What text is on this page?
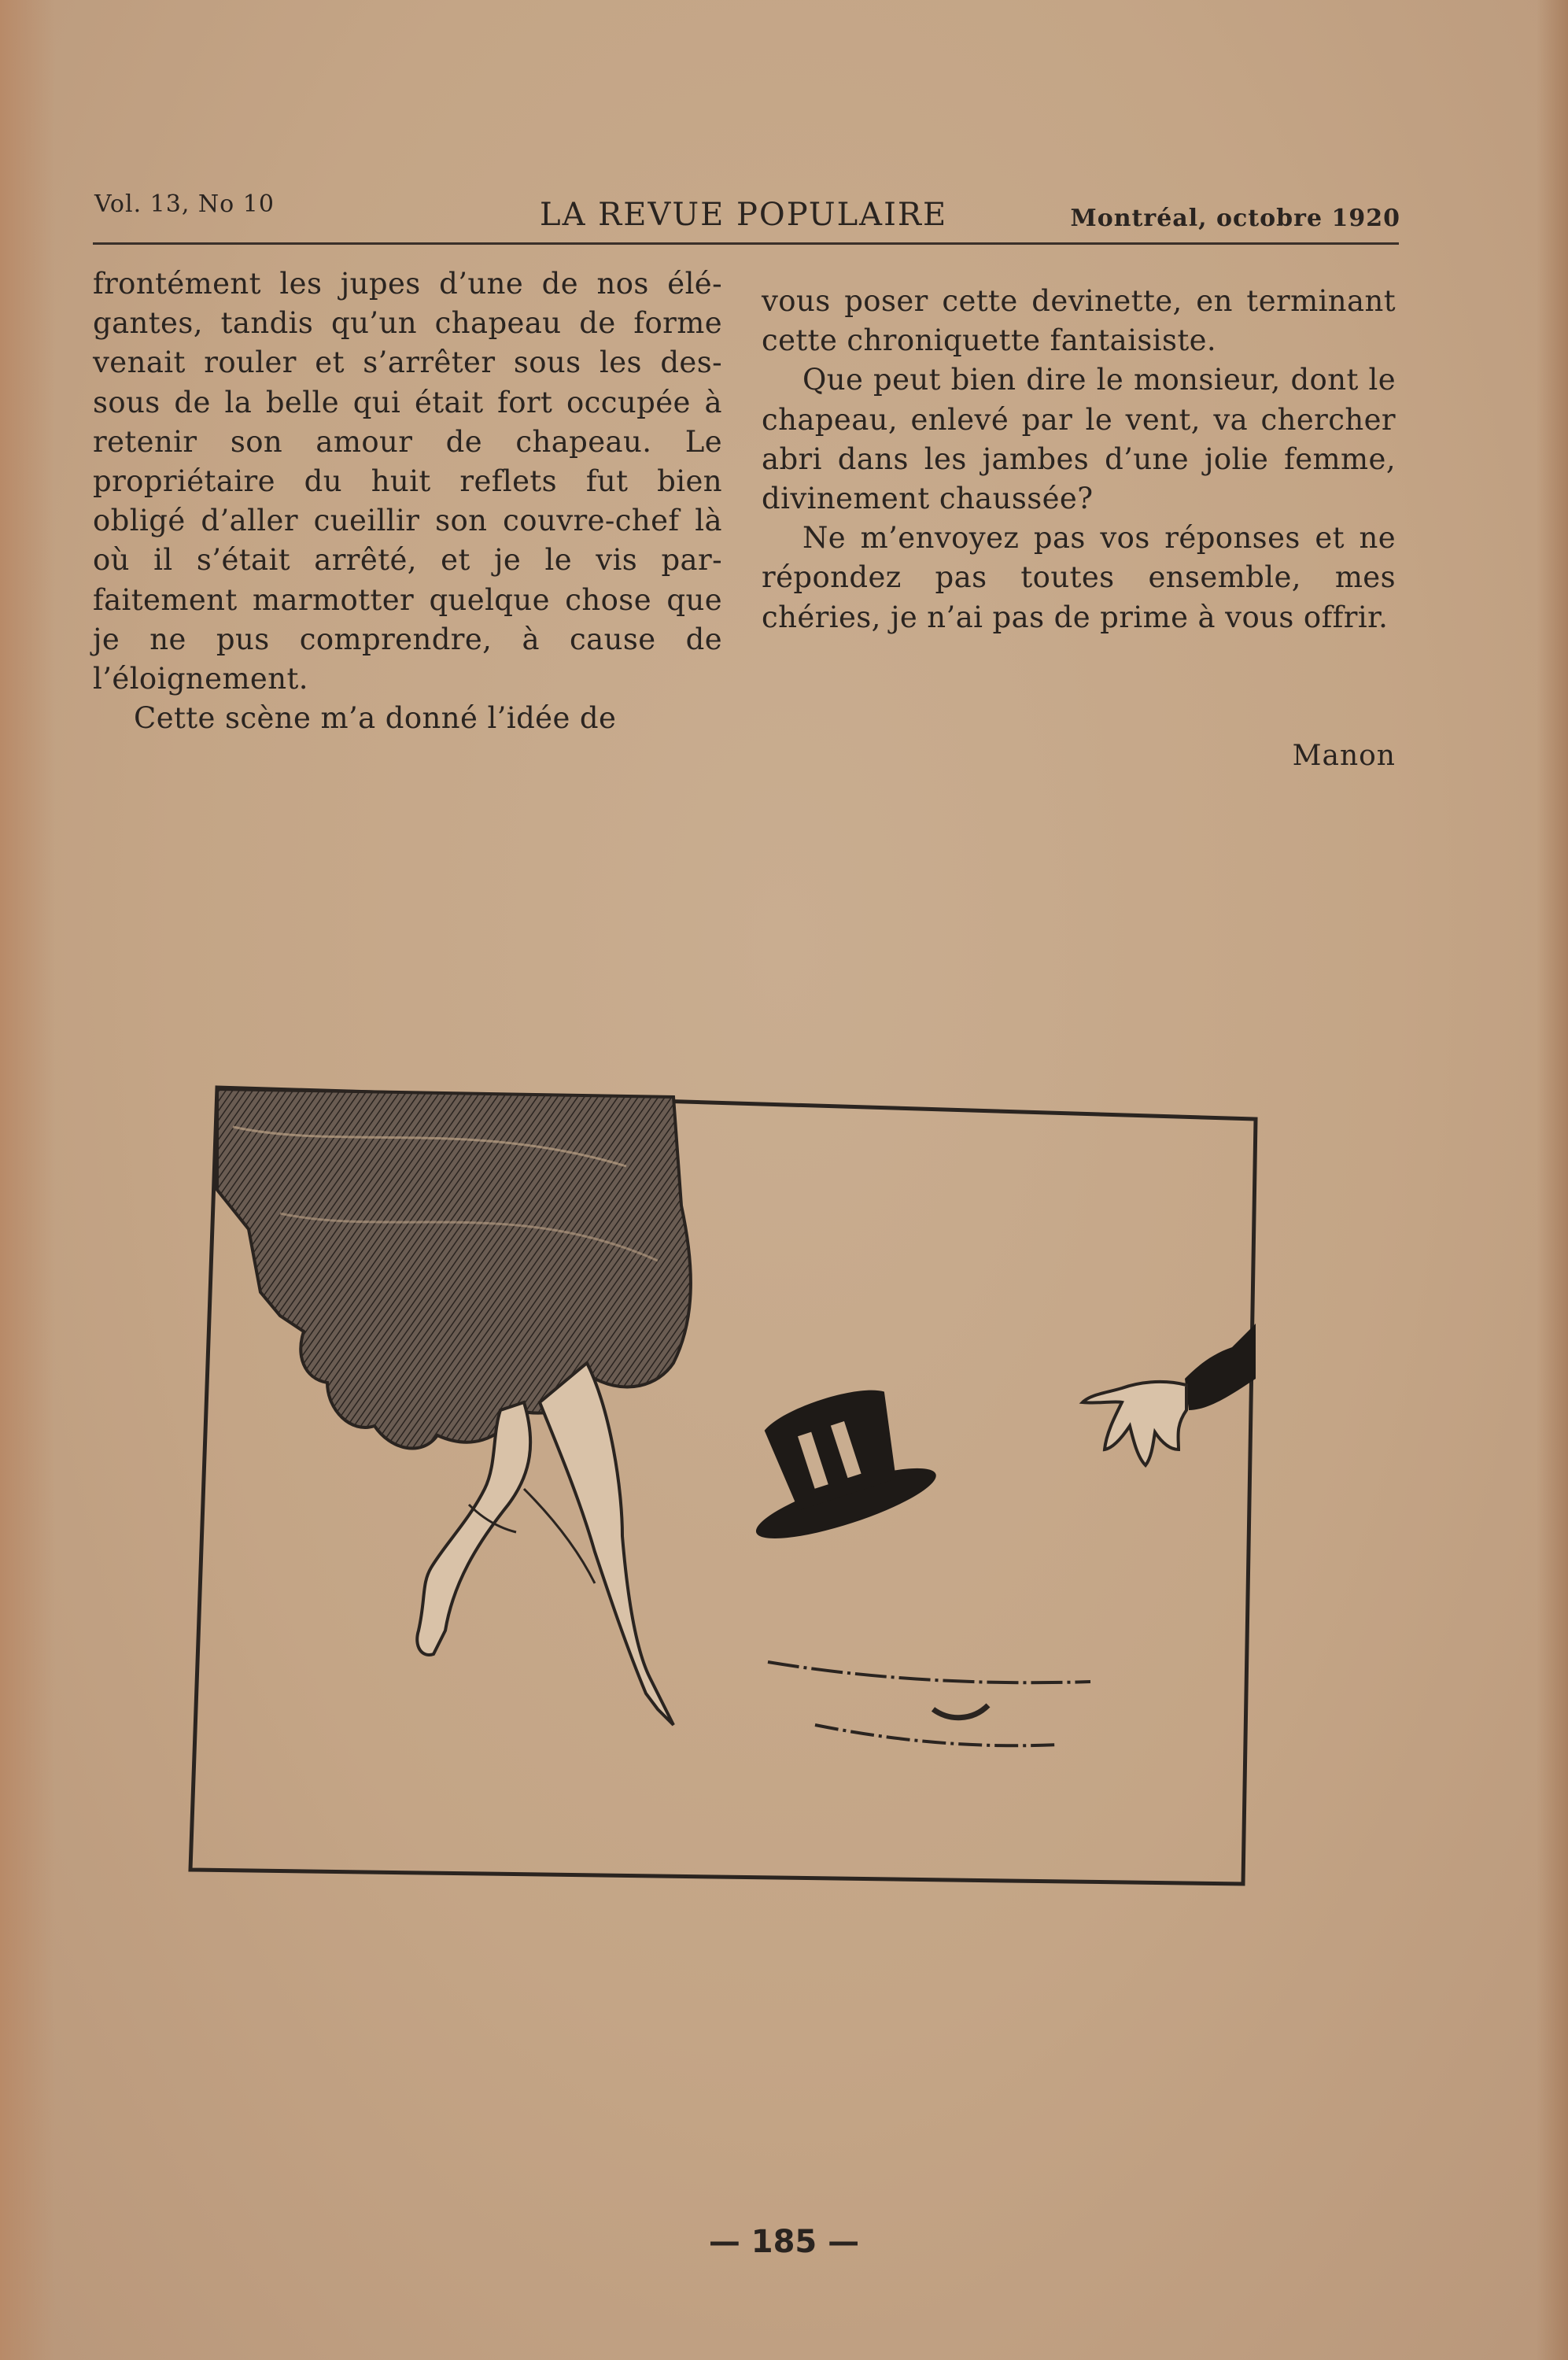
Vol. 13, No 10	LA REVUE POPULAIRE	Montréal, octobre 1920

frontément les jupes d’une de nos élé- gantes, tandis qu’un chapeau de forme venait rouler et s’arrêter sous les des- sous de la belle qui était fort occupée à retenir son amour de chapeau. Le propriétaire du huit reflets fut bien obligé d’aller cueillir son couvre-chef là où il s’était arrêté, et je le vis par- faitement marmotter quelque chose que je ne pus comprendre, à cause de l’éloignement.

Cette scène m’a donné l’idée de

vous poser cette devinette, en terminant cette chroniquette fantaisiste.

Que peut bien dire le monsieur, dont le chapeau, enlevé par le vent, va chercher abri dans les jambes d’une jolie femme, divinement chaussée?

Ne m’envoyez pas vos réponses et ne répondez pas toutes ensemble, mes chéries, je n’ai pas de prime à vous offrir.

Manon
— 185 —
